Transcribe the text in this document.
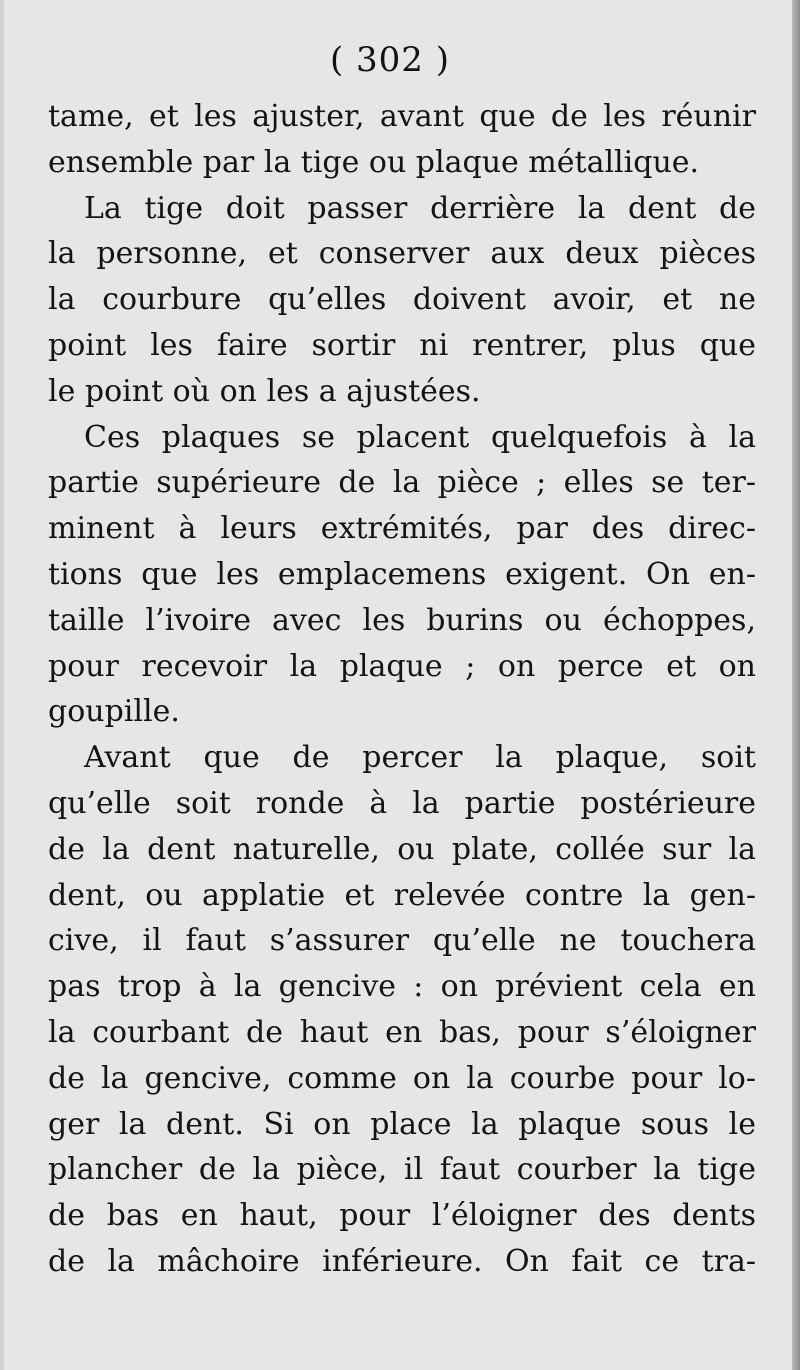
( 302 )
tame, et les ajuster, avant que de les réunir
ensemble par la tige ou plaque métallique.
La tige doit passer derrière la dent de
la personne, et conserver aux deux pièces
la courbure qu’elles doivent avoir, et ne
point les faire sortir ni rentrer, plus que
le point où on les a ajustées.
Ces plaques se placent quelquefois à la
partie supérieure de la pièce ; elles se ter-
minent à leurs extrémités, par des direc-
tions que les emplacemens exigent. On en-
taille l’ivoire avec les burins ou échoppes,
pour recevoir la plaque ; on perce et on
goupille.
Avant que de percer la plaque, soit
qu’elle soit ronde à la partie postérieure
de la dent naturelle, ou plate, collée sur la
dent, ou applatie et relevée contre la gen-
cive, il faut s’assurer qu’elle ne touchera
pas trop à la gencive : on prévient cela en
la courbant de haut en bas, pour s’éloigner
de la gencive, comme on la courbe pour lo-
ger la dent. Si on place la plaque sous le
plancher de la pièce, il faut courber la tige
de bas en haut, pour l’éloigner des dents
de la mâchoire inférieure. On fait ce tra-
